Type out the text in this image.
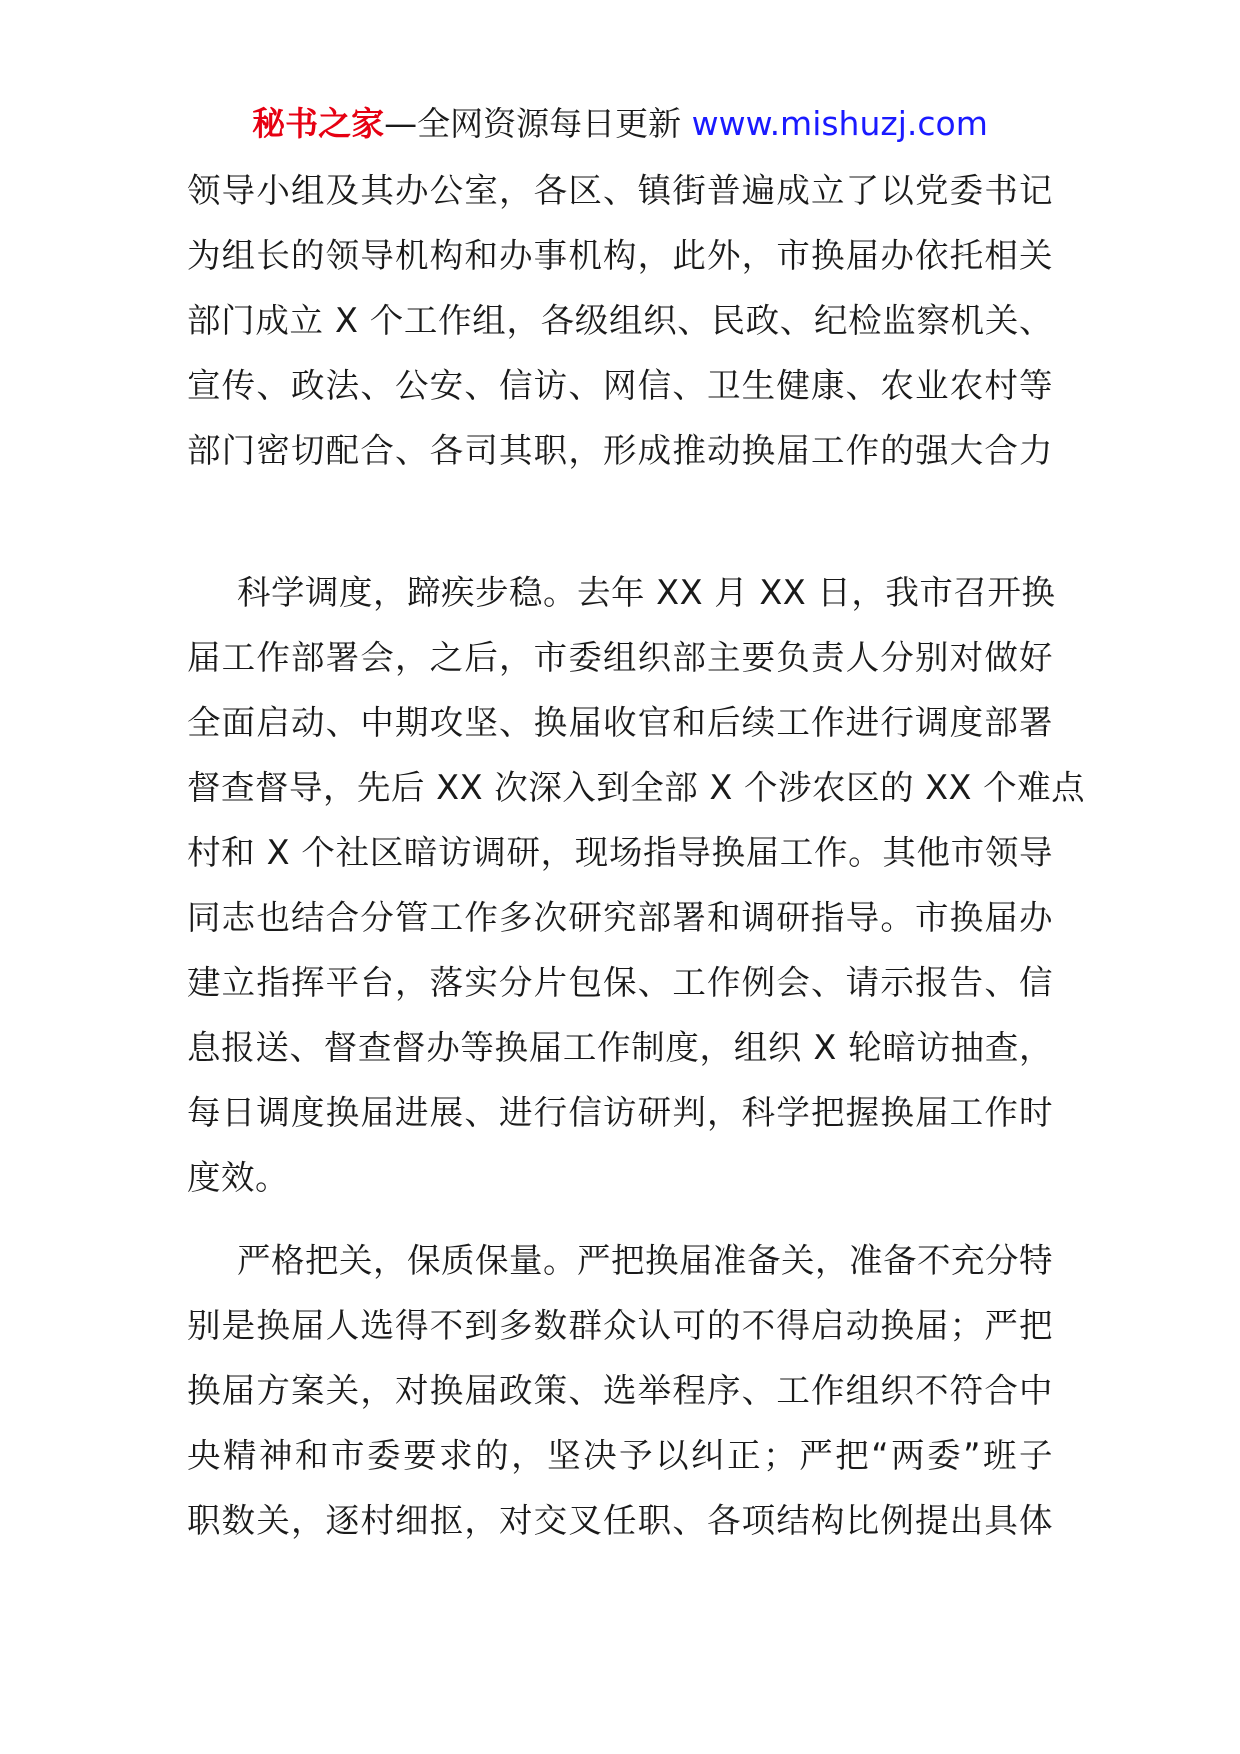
秘书之家—全网资源每日更新 www.mishuzj.com

领导小组及其办公室，各区、镇街普遍成立了以党委书记
为组长的领导机构和办事机构，此外，市换届办依托相关
部门成立 X 个工作组，各级组织、民政、纪检监察机关、
宣传、政法、公安、信访、网信、卫生健康、农业农村等
部门密切配合、各司其职，形成推动换届工作的强大合力

科学调度，蹄疾步稳。去年 XX 月 XX 日，我市召开换
届工作部署会，之后，市委组织部主要负责人分别对做好
全面启动、中期攻坚、换届收官和后续工作进行调度部署
督查督导，先后 XX 次深入到全部 X 个涉农区的 XX 个难点
村和 X 个社区暗访调研，现场指导换届工作。其他市领导
同志也结合分管工作多次研究部署和调研指导。市换届办
建立指挥平台，落实分片包保、工作例会、请示报告、信
息报送、督查督办等换届工作制度，组织 X 轮暗访抽查，
每日调度换届进展、进行信访研判，科学把握换届工作时
度效。

严格把关，保质保量。严把换届准备关，准备不充分特
别是换届人选得不到多数群众认可的不得启动换届；严把
换届方案关，对换届政策、选举程序、工作组织不符合中
央精神和市委要求的，坚决予以纠正；严把“两委”班子
职数关，逐村细抠，对交叉任职、各项结构比例提出具体
